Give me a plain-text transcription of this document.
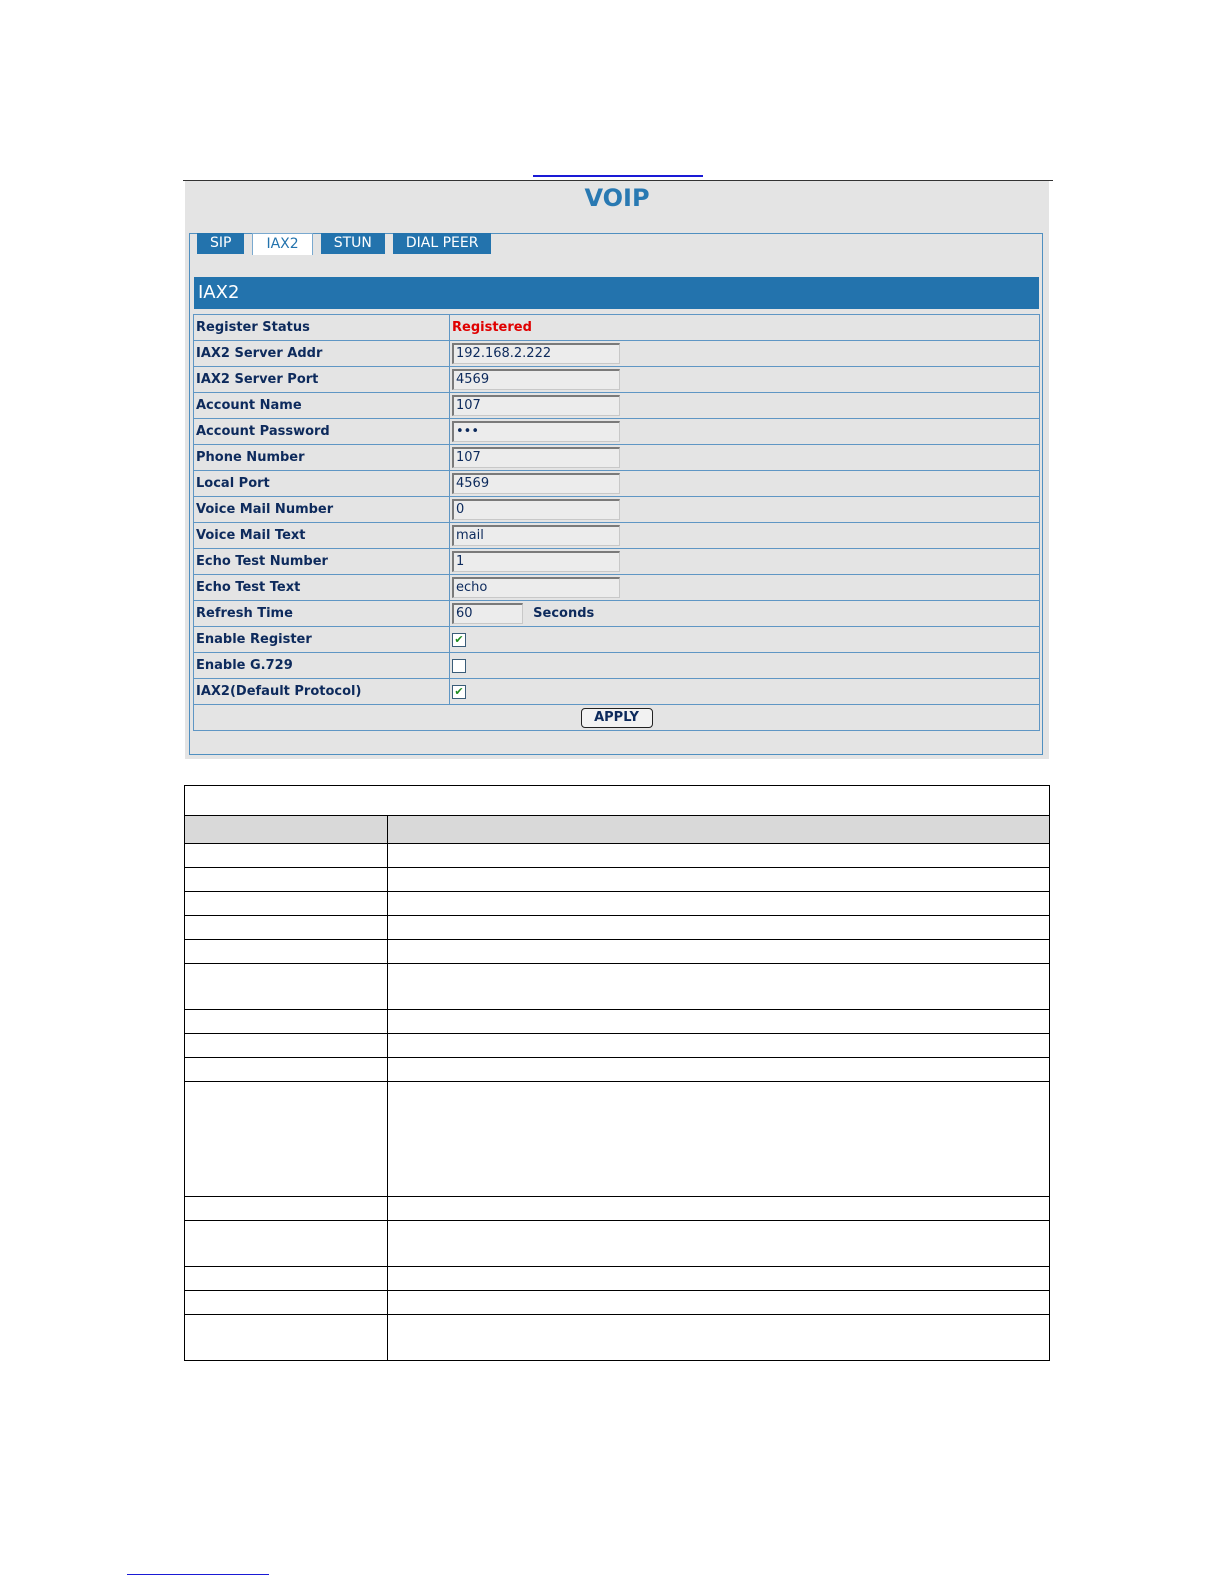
VOIP
SIP	IAX2	STUN	DIAL PEER
IAX2
Register Status	Registered
IAX2 Server Addr	192.168.2.222
IAX2 Server Port	4569
Account Name	107
Account Password	•••
Phone Number	107
Local Port	4569
Voice Mail Number	0
Voice Mail Text	mail
Echo Test Number	1
Echo Test Text	echo
Refresh Time	60 Seconds
Enable Register	✔
Enable G.729	
IAX2(Default Protocol)	✔
APPLY	
